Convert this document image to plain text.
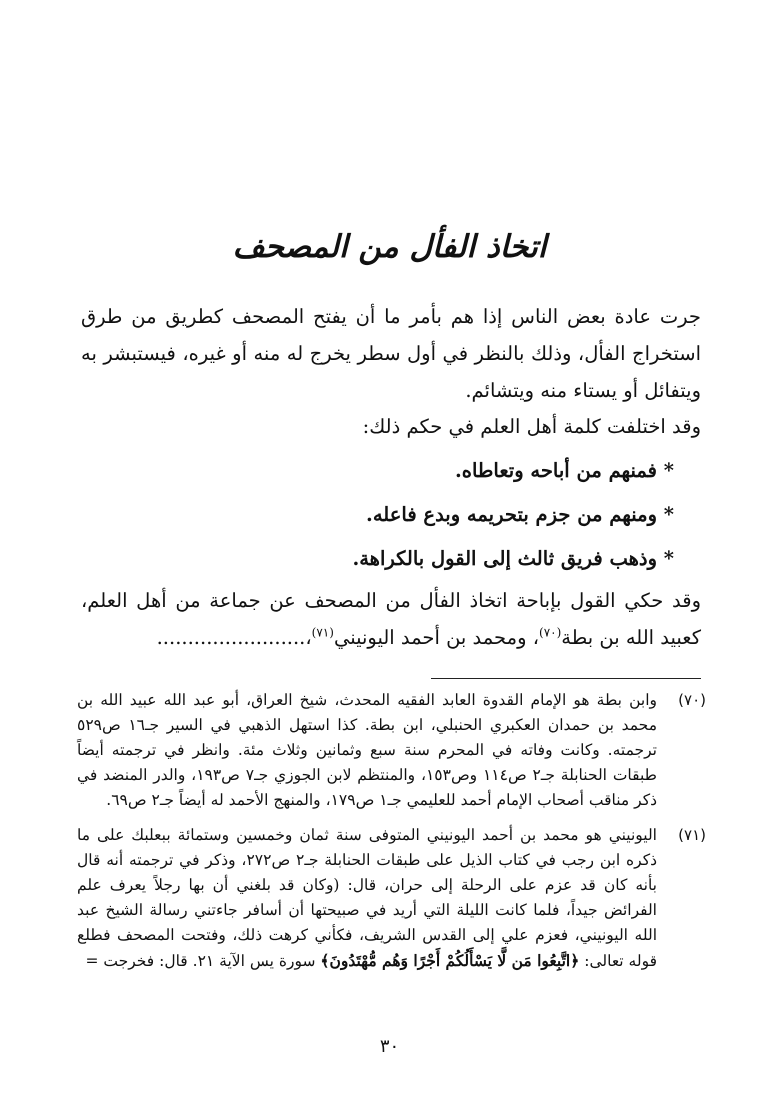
اتخاذ الفأل من المصحف

جرت عادة بعض الناس إذا هم بأمر ما أن يفتح المصحف كطريق من طرق استخراج الفأل، وذلك بالنظر في أول سطر يخرج له منه أو غيره، فيستبشر به ويتفائل أو يستاء منه ويتشائم.

وقد اختلفت كلمة أهل العلم في حكم ذلك:

* فمنهم من أباحه وتعاطاه.

* ومنهم من جزم بتحريمه وبدع فاعله.

* وذهب فريق ثالث إلى القول بالكراهة.

وقد حكي القول بإباحة اتخاذ الفأل من المصحف عن جماعة من أهل العلم، كعبيد الله بن بطة$^{(٧٠)}$، ومحمد بن أحمد اليونيني$^{(٧١)}$،........................

(٧٠)
وابن بطة هو الإمام القدوة العابد الفقيه المحدث، شيخ العراق، أبو عبد الله عبيد الله بن محمد بن حمدان العكبري الحنبلي، ابن بطة. كذا استهل الذهبي في السير جـ١٦ ص٥٢٩ ترجمته. وكانت وفاته في المحرم سنة سبع وثمانين وثلاث مئة. وانظر في ترجمته أيضاً طبقات الحنابلة جـ٢ ص١١٤ وص١٥٣، والمنتظم لابن الجوزي جـ٧ ص١٩٣، والدر المنضد في ذكر مناقب أصحاب الإمام أحمد للعليمي جـ١ ص١٧٩، والمنهج الأحمد له أيضاً جـ٢ ص٦٩.
(٧١)
اليونيني هو محمد بن أحمد اليونيني المتوفى سنة ثمان وخمسين وستمائة ببعلبك على ما ذكره ابن رجب في كتاب الذيل على طبقات الحنابلة جـ٢ ص٢٧٢، وذكر في ترجمته أنه قال بأنه كان قد عزم على الرحلة إلى حران، قال: (وكان قد بلغني أن بها رجلاً يعرف علم الفرائض جيداً، فلما كانت الليلة التي أريد في صبيحتها أن أسافر جاءتني رسالة الشيخ عبد الله اليونيني، فعزم علي إلى القدس الشريف، فكأني كرهت ذلك، وفتحت المصحف فطلع قوله تعالى: ﴿اتَّبِعُوا مَن لَّا يَسْأَلُكُمْ أَجْرًا وَهُم مُّهْتَدُونَ﴾ سورة يس الآية ٢١. قال: فخرجت =
٣٠
